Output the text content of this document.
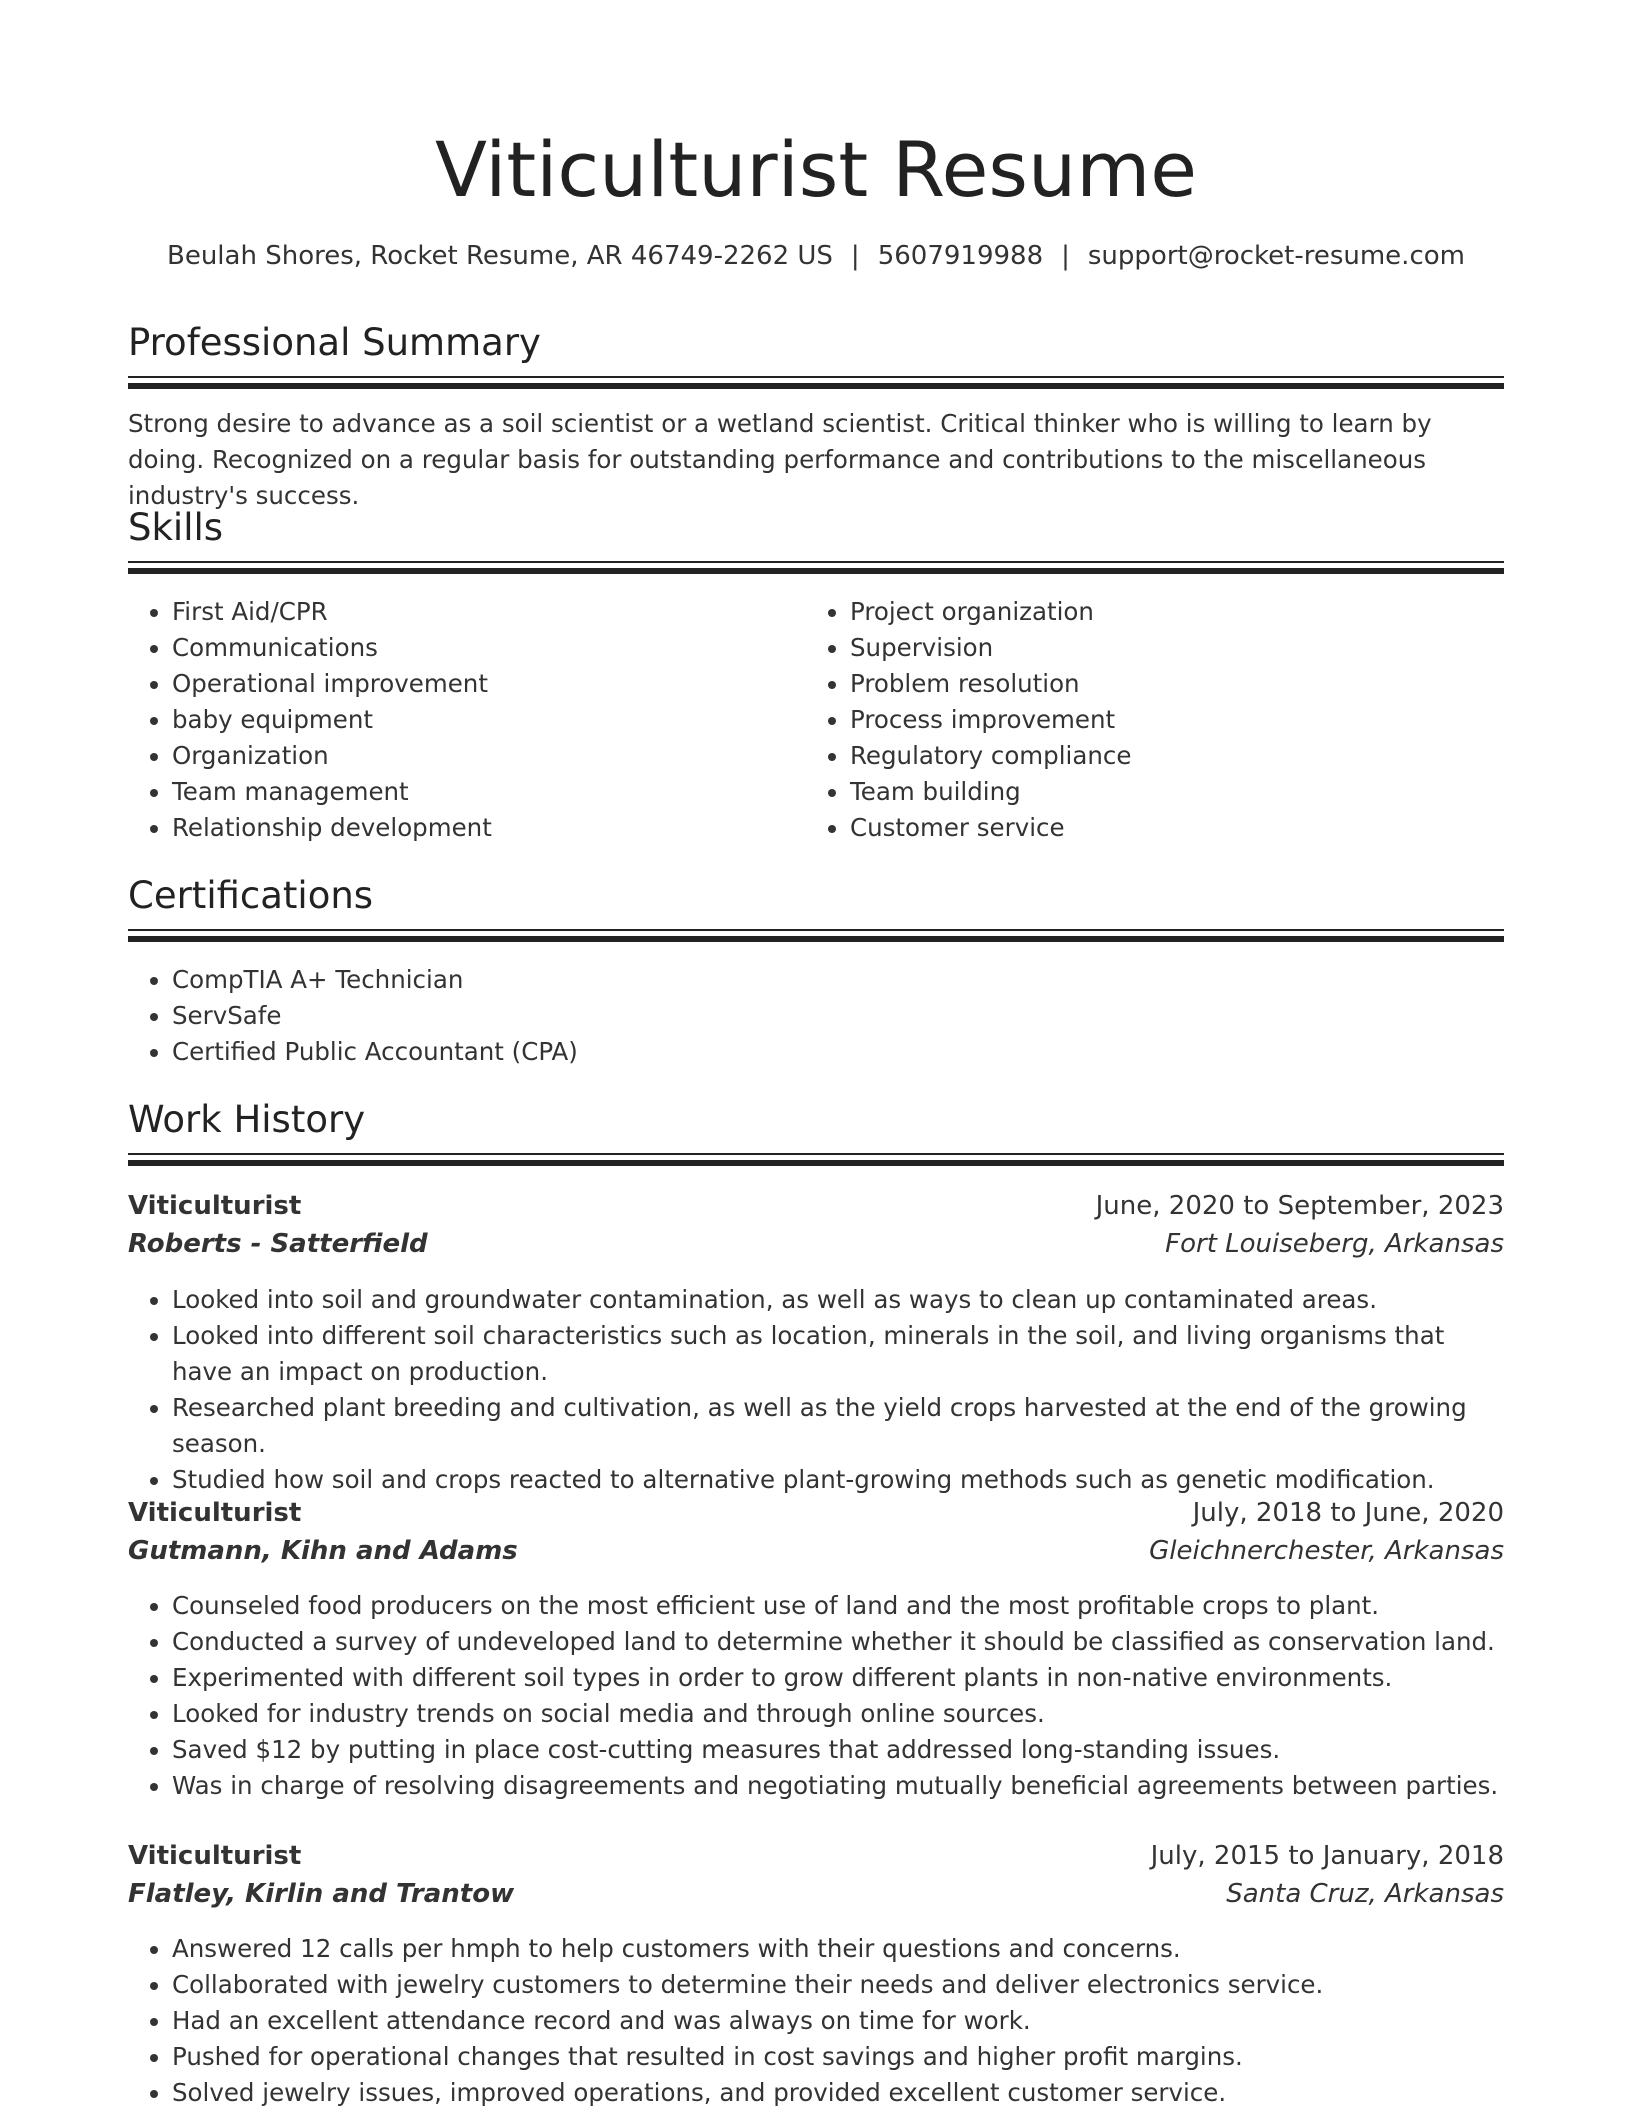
Viticulturist Resume
Beulah Shores, Rocket Resume, AR 46749-2262 US | 5607919988 | support@rocket-resume.com
Professional Summary

Strong desire to advance as a soil scientist or a wetland scientist. Critical thinker who is willing to learn by doing. Recognized on a regular basis for outstanding performance and contributions to the miscellaneous industry's success.

Skills
• First Aid/CPR
• Communications
• Operational improvement
• baby equipment
• Organization
• Team management
• Relationship development
• Project organization
• Supervision
• Problem resolution
• Process improvement
• Regulatory compliance
• Team building
• Customer service
Certifications
• CompTIA A+ Technician
• ServSafe
• Certified Public Accountant (CPA)
Work History
Viticulturist	June, 2020 to September, 2023
Roberts - Satterfield	Fort Louiseberg, Arkansas
• Looked into soil and groundwater contamination, as well as ways to clean up contaminated areas.
• Looked into different soil characteristics such as location, minerals in the soil, and living organisms that have an impact on production.
• Researched plant breeding and cultivation, as well as the yield crops harvested at the end of the growing season.
• Studied how soil and crops reacted to alternative plant-growing methods such as genetic modification.
Viticulturist	July, 2018 to June, 2020
Gutmann, Kihn and Adams	Gleichnerchester, Arkansas
• Counseled food producers on the most efficient use of land and the most profitable crops to plant.
• Conducted a survey of undeveloped land to determine whether it should be classified as conservation land.
• Experimented with different soil types in order to grow different plants in non-native environments.
• Looked for industry trends on social media and through online sources.
• Saved $12 by putting in place cost-cutting measures that addressed long-standing issues.
• Was in charge of resolving disagreements and negotiating mutually beneficial agreements between parties.
Viticulturist	July, 2015 to January, 2018
Flatley, Kirlin and Trantow	Santa Cruz, Arkansas
• Answered 12 calls per hmph to help customers with their questions and concerns.
• Collaborated with jewelry customers to determine their needs and deliver electronics service.
• Had an excellent attendance record and was always on time for work.
• Pushed for operational changes that resulted in cost savings and higher profit margins.
• Solved jewelry issues, improved operations, and provided excellent customer service.
